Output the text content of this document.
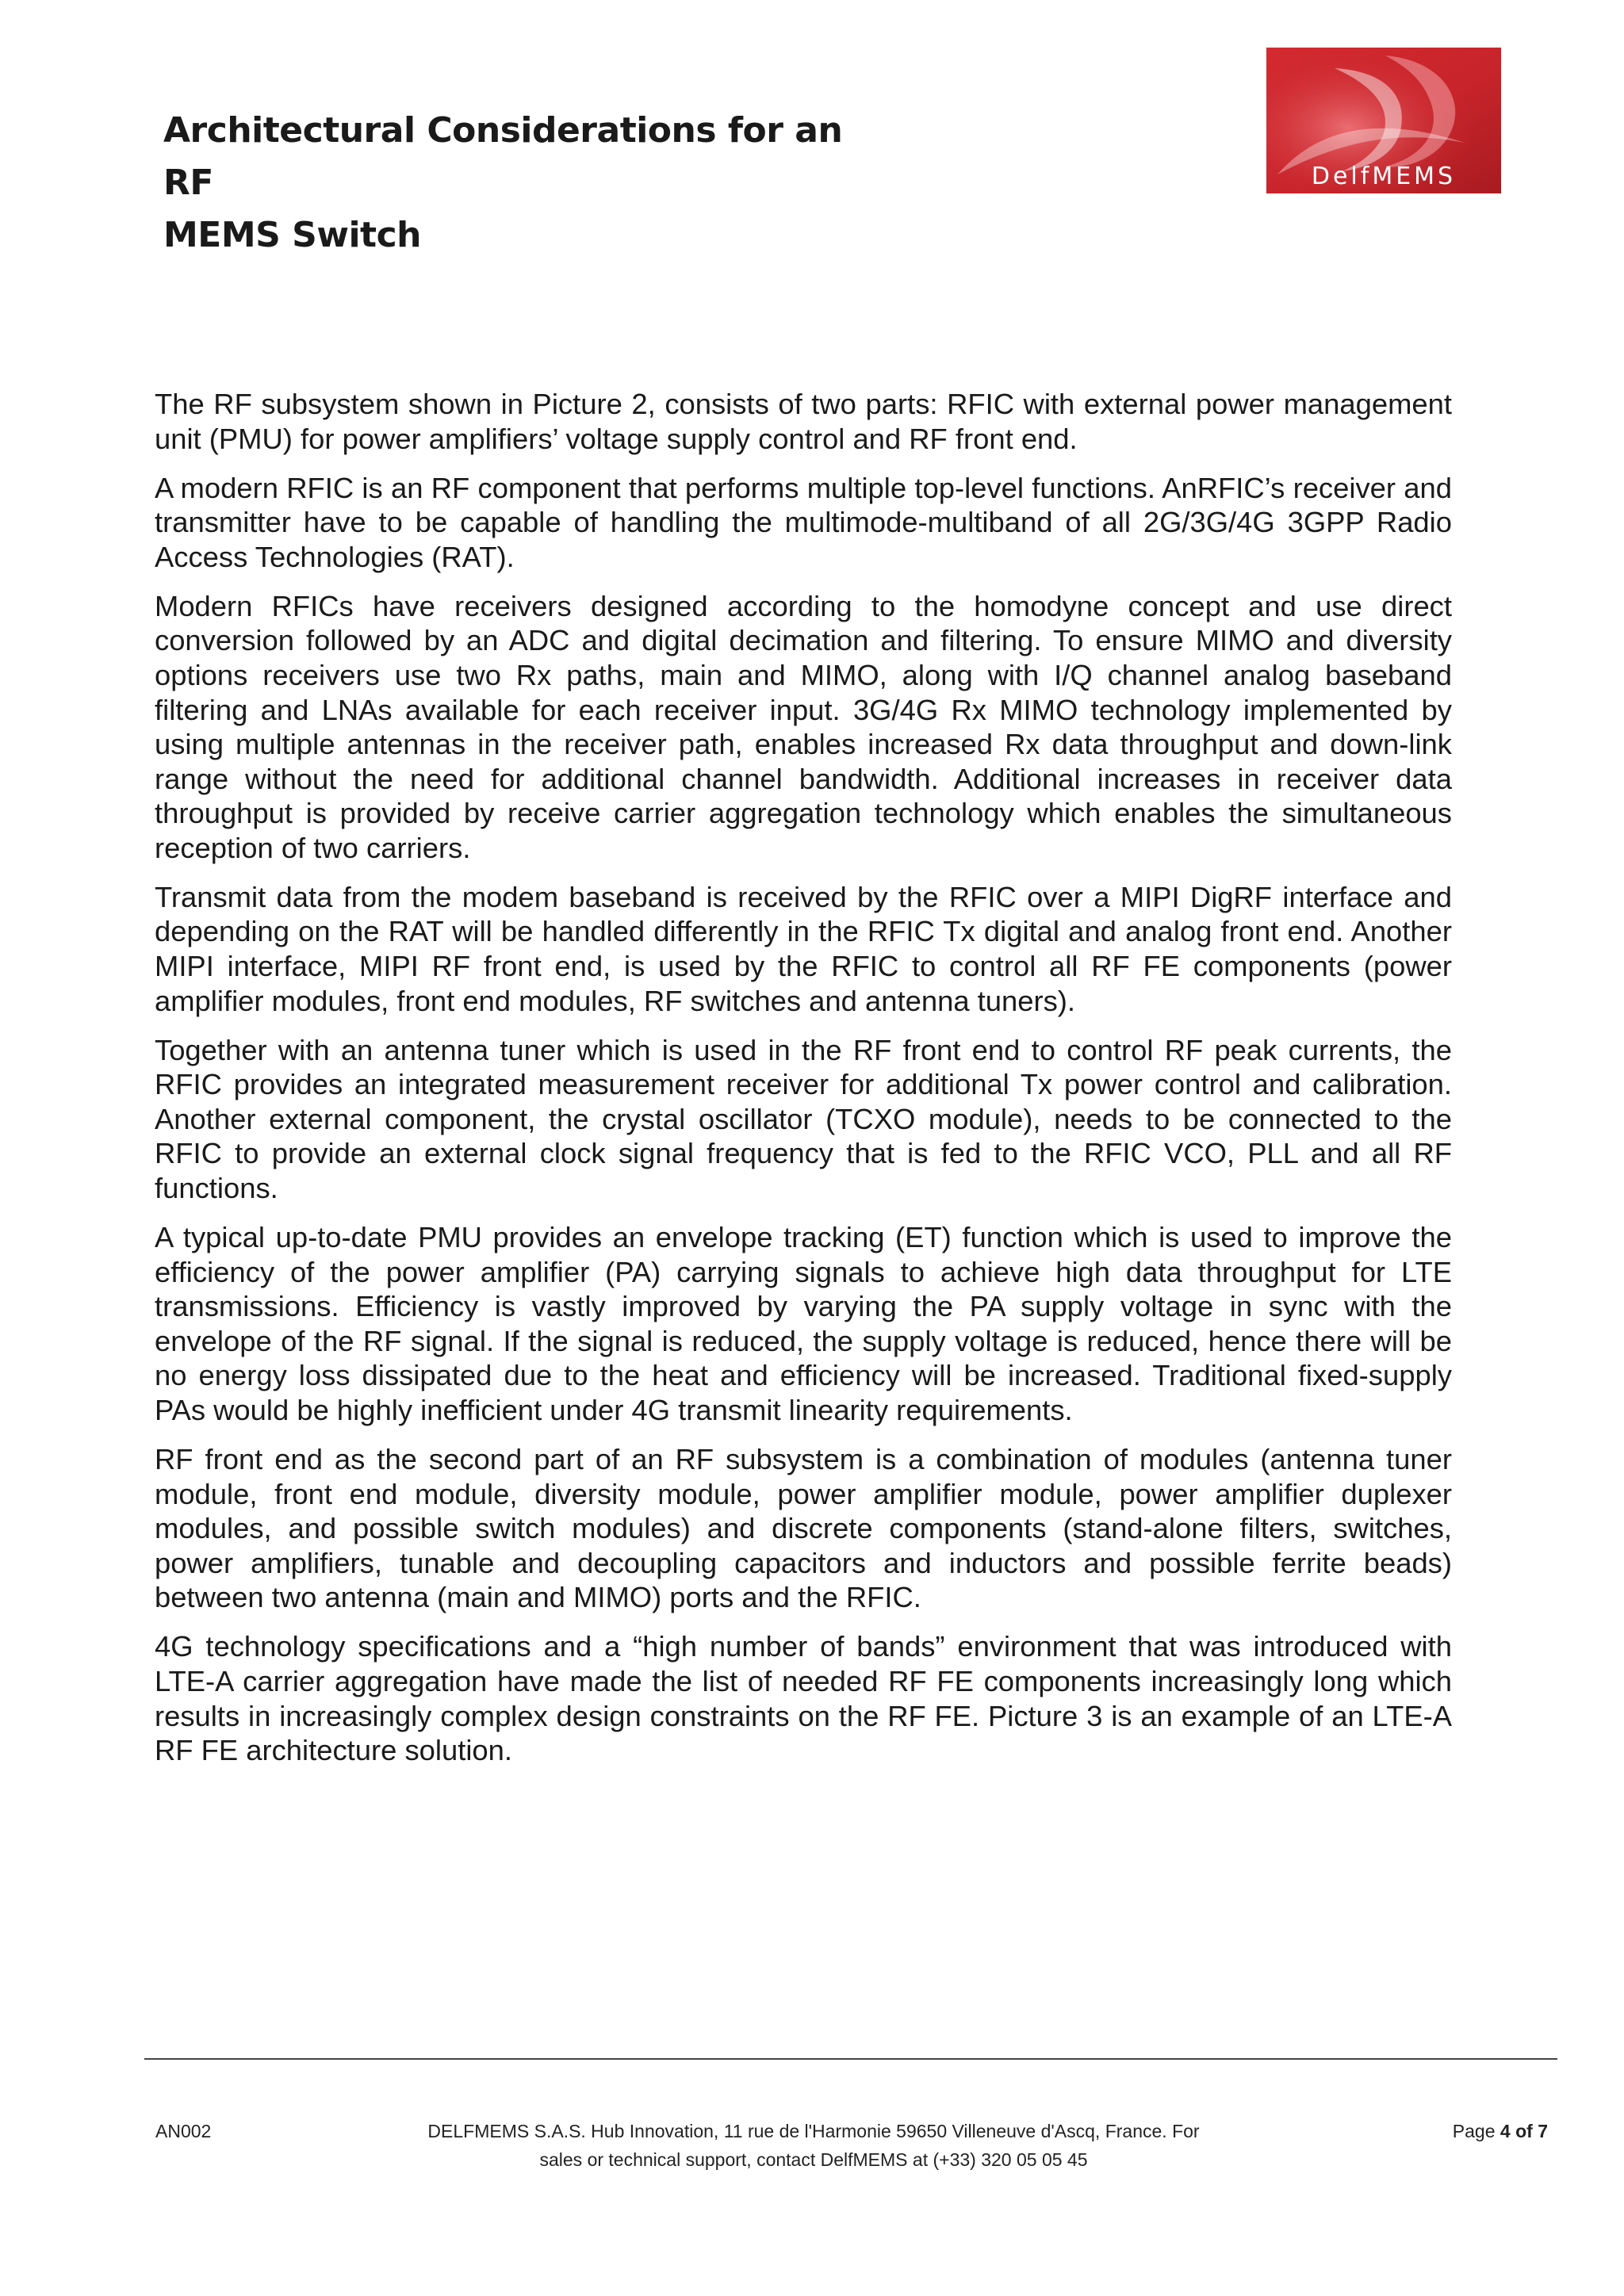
Architectural Considerations for an RF
MEMS Switch
DelfMEMS

The RF subsystem shown in Picture 2, consists of two parts: RFIC with external power management unit (PMU) for power amplifiers’ voltage supply control and RF front end.

A modern RFIC is an RF component that performs multiple top-level functions. AnRFIC’s receiver and transmitter have to be capable of handling the multimode-multiband of all 2G/3G/4G 3GPP Radio Access Technologies (RAT).

Modern RFICs have receivers designed according to the homodyne concept and use direct conversion followed by an ADC and digital decimation and filtering. To ensure MIMO and diversity options receivers use two Rx paths, main and MIMO, along with I/Q channel analog baseband filtering and LNAs available for each receiver input. 3G/4G Rx MIMO technology implemented by using multiple antennas in the receiver path, enables increased Rx data throughput and down-link range without the need for additional channel bandwidth. Additional increases in receiver data throughput is provided by receive carrier aggregation technology which enables the simultaneous reception of two carriers.

Transmit data from the modem baseband is received by the RFIC over a MIPI DigRF interface and depending on the RAT will be handled differently in the RFIC Tx digital and analog front end. Another MIPI interface, MIPI RF front end, is used by the RFIC to control all RF FE components (power amplifier modules, front end modules, RF switches and antenna tuners).

Together with an antenna tuner which is used in the RF front end to control RF peak currents, the RFIC provides an integrated measurement receiver for additional Tx power control and calibration. Another external component, the crystal oscillator (TCXO module), needs to be connected to the RFIC to provide an external clock signal frequency that is fed to the RFIC VCO, PLL and all RF functions.

A typical up-to-date PMU provides an envelope tracking (ET) function which is used to improve the efficiency of the power amplifier (PA) carrying signals to achieve high data throughput for LTE transmissions. Efficiency is vastly improved by varying the PA supply voltage in sync with the envelope of the RF signal. If the signal is reduced, the supply voltage is reduced, hence there will be no energy loss dissipated due to the heat and efficiency will be increased. Traditional fixed-supply PAs would be highly inefficient under 4G transmit linearity requirements.

RF front end as the second part of an RF subsystem is a combination of modules (antenna tuner module, front end module, diversity module, power amplifier module, power amplifier duplexer modules, and possible switch modules) and discrete components (stand-alone filters, switches, power amplifiers, tunable and decoupling capacitors and inductors and possible ferrite beads) between two antenna (main and MIMO) ports and the RFIC.

4G technology specifications and a “high number of bands” environment that was introduced with LTE-A carrier aggregation have made the list of needed RF FE components increasingly long which results in increasingly complex design constraints on the RF FE. Picture 3 is an example of an LTE-A RF FE architecture solution.

AN002	DELFMEMS S.A.S. Hub Innovation, 11 rue de l'Harmonie 59650 Villeneuve d'Ascq, France. For
sales or technical support, contact DelfMEMS at (+33) 320 05 05 45
Page 4 of 7
